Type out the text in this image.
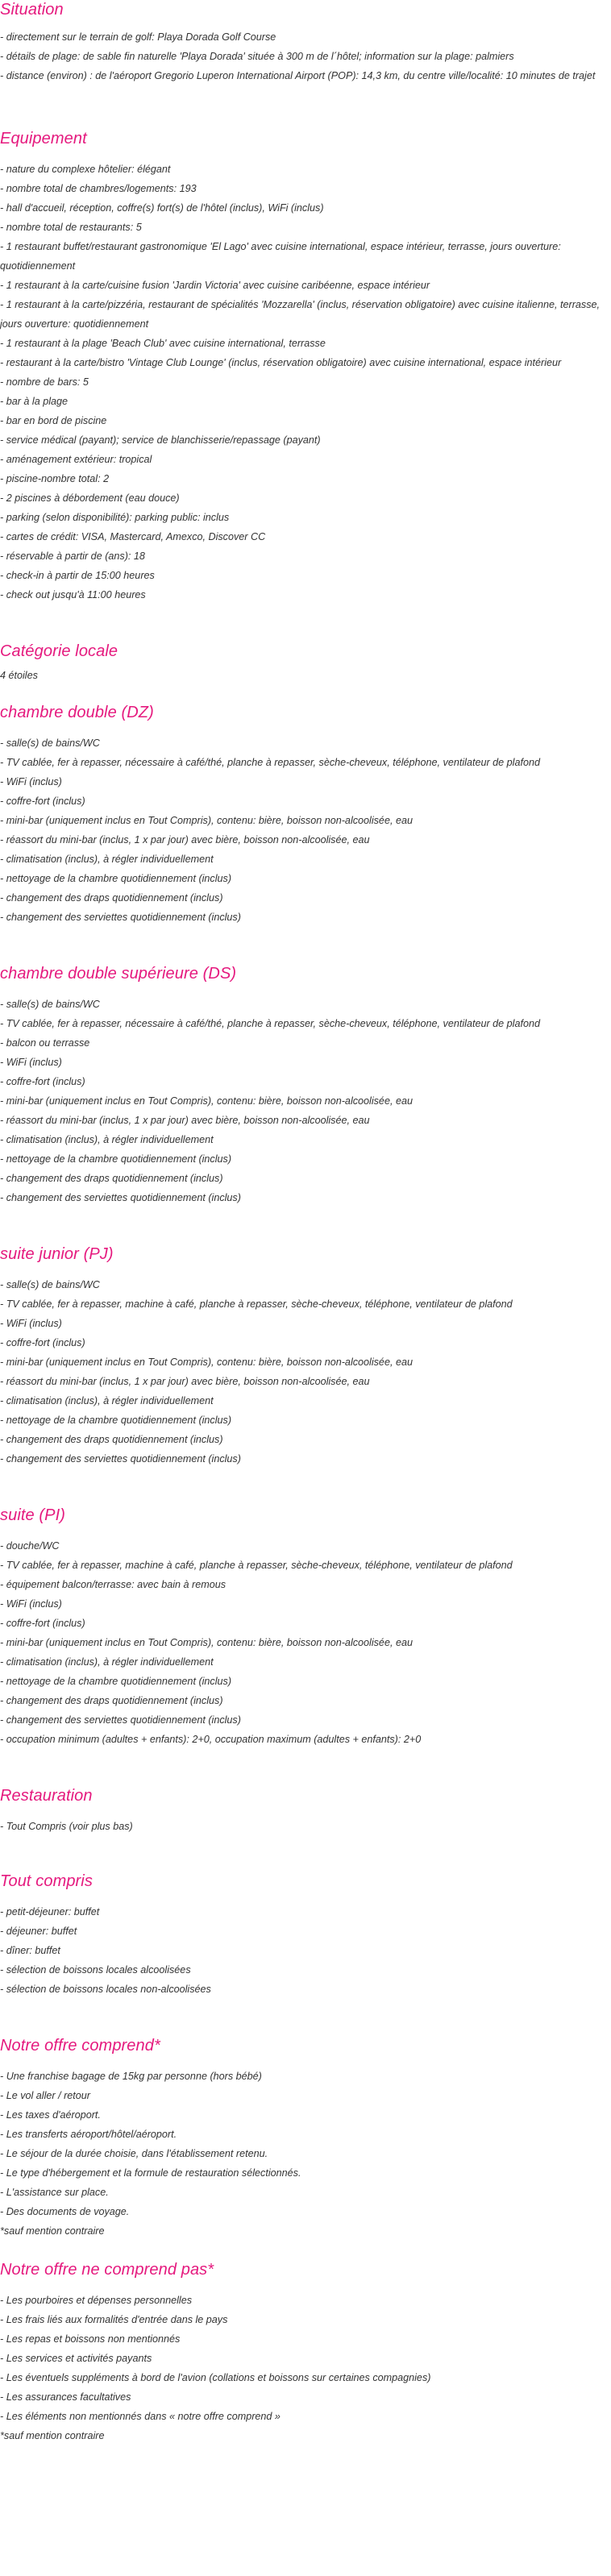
Situation
- directement sur le terrain de golf: Playa Dorada Golf Course
- détails de plage: de sable fin naturelle 'Playa Dorada' située à 300 m de l´hôtel; information sur la plage: palmiers
- distance (environ) : de l'aéroport Gregorio Luperon International Airport (POP): 14,3 km, du centre ville/localité: 10 minutes de trajet
Equipement
- nature du complexe hôtelier: élégant
- nombre total de chambres/logements: 193
- hall d'accueil, réception, coffre(s) fort(s) de l'hôtel (inclus), WiFi (inclus)
- nombre total de restaurants: 5
- 1 restaurant buffet/restaurant gastronomique 'El Lago' avec cuisine international, espace intérieur, terrasse, jours ouverture: quotidiennement
- 1 restaurant à la carte/cuisine fusion 'Jardin Victoria' avec cuisine caribéenne, espace intérieur
- 1 restaurant à la carte/pizzéria, restaurant de spécialités 'Mozzarella' (inclus, réservation obligatoire) avec cuisine italienne, terrasse, jours ouverture: quotidiennement
- 1 restaurant à la plage 'Beach Club' avec cuisine international, terrasse
- restaurant à la carte/bistro 'Vintage Club Lounge' (inclus, réservation obligatoire) avec cuisine international, espace intérieur
- nombre de bars: 5
- bar à la plage
- bar en bord de piscine
- service médical (payant); service de blanchisserie/repassage (payant)
- aménagement extérieur: tropical
- piscine-nombre total: 2
- 2 piscines à débordement (eau douce)
- parking (selon disponibilité): parking public: inclus
- cartes de crédit: VISA, Mastercard, Amexco, Discover CC
- réservable à partir de (ans): 18
- check-in à partir de 15:00 heures
- check out jusqu'à 11:00 heures
Catégorie locale
4 étoiles
chambre double (DZ)
- salle(s) de bains/WC
- TV cablée, fer à repasser, nécessaire à café/thé, planche à repasser, sèche-cheveux, téléphone, ventilateur de plafond
- WiFi (inclus)
- coffre-fort (inclus)
- mini-bar (uniquement inclus en Tout Compris), contenu: bière, boisson non-alcoolisée, eau
- réassort du mini-bar (inclus, 1 x par jour) avec bière, boisson non-alcoolisée, eau
- climatisation (inclus), à régler individuellement
- nettoyage de la chambre quotidiennement (inclus)
- changement des draps quotidiennement (inclus)
- changement des serviettes quotidiennement (inclus)
chambre double supérieure (DS)
- salle(s) de bains/WC
- TV cablée, fer à repasser, nécessaire à café/thé, planche à repasser, sèche-cheveux, téléphone, ventilateur de plafond
- balcon ou terrasse
- WiFi (inclus)
- coffre-fort (inclus)
- mini-bar (uniquement inclus en Tout Compris), contenu: bière, boisson non-alcoolisée, eau
- réassort du mini-bar (inclus, 1 x par jour) avec bière, boisson non-alcoolisée, eau
- climatisation (inclus), à régler individuellement
- nettoyage de la chambre quotidiennement (inclus)
- changement des draps quotidiennement (inclus)
- changement des serviettes quotidiennement (inclus)
suite junior (PJ)
- salle(s) de bains/WC
- TV cablée, fer à repasser, machine à café, planche à repasser, sèche-cheveux, téléphone, ventilateur de plafond
- WiFi (inclus)
- coffre-fort (inclus)
- mini-bar (uniquement inclus en Tout Compris), contenu: bière, boisson non-alcoolisée, eau
- réassort du mini-bar (inclus, 1 x par jour) avec bière, boisson non-alcoolisée, eau
- climatisation (inclus), à régler individuellement
- nettoyage de la chambre quotidiennement (inclus)
- changement des draps quotidiennement (inclus)
- changement des serviettes quotidiennement (inclus)
suite (PI)
- douche/WC
- TV cablée, fer à repasser, machine à café, planche à repasser, sèche-cheveux, téléphone, ventilateur de plafond
- équipement balcon/terrasse: avec bain à remous
- WiFi (inclus)
- coffre-fort (inclus)
- mini-bar (uniquement inclus en Tout Compris), contenu: bière, boisson non-alcoolisée, eau
- climatisation (inclus), à régler individuellement
- nettoyage de la chambre quotidiennement (inclus)
- changement des draps quotidiennement (inclus)
- changement des serviettes quotidiennement (inclus)
- occupation minimum (adultes + enfants): 2+0, occupation maximum (adultes + enfants): 2+0
Restauration
- Tout Compris (voir plus bas)
Tout compris
- petit-déjeuner: buffet
- déjeuner: buffet
- dîner: buffet
- sélection de boissons locales alcoolisées
- sélection de boissons locales non-alcoolisées
Notre offre comprend*
- Une franchise bagage de 15kg par personne (hors bébé)
- Le vol aller / retour
- Les taxes d'aéroport.
- Les transferts aéroport/hôtel/aéroport.
- Le séjour de la durée choisie, dans l'établissement retenu.
- Le type d'hébergement et la formule de restauration sélectionnés.
- L'assistance sur place.
- Des documents de voyage.
*sauf mention contraire
Notre offre ne comprend pas*
- Les pourboires et dépenses personnelles
- Les frais liés aux formalités d'entrée dans le pays
- Les repas et boissons non mentionnés
- Les services et activités payants
- Les éventuels suppléments à bord de l'avion (collations et boissons sur certaines compagnies)
- Les assurances facultatives
- Les éléments non mentionnés dans « notre offre comprend »
*sauf mention contraire
